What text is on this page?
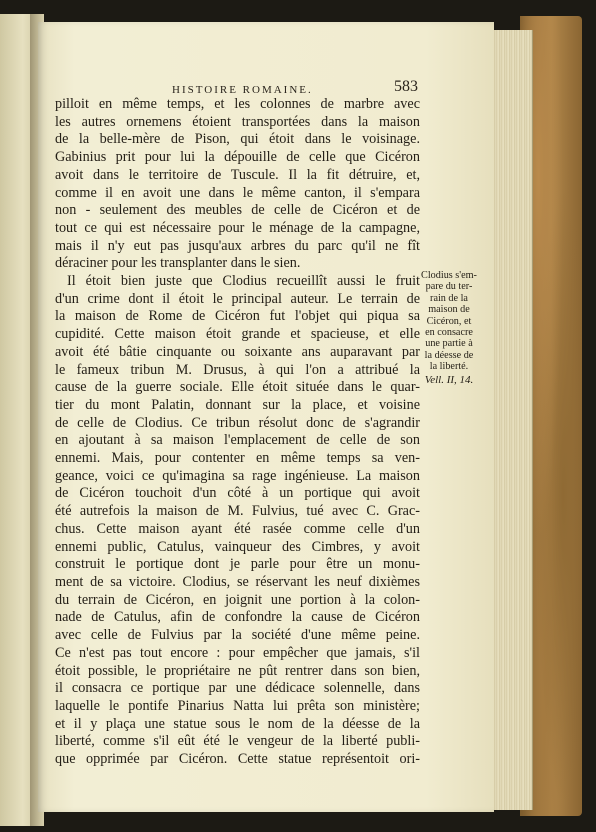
HISTOIRE ROMAINE.	583
pilloit en même temps, et les colonnes de marbre avec
les autres ornemens étoient transportées dans la maison
de la belle-mère de Pison, qui étoit dans le voisinage.
Gabinius prit pour lui la dépouille de celle que Cicéron
avoit dans le territoire de Tuscule. Il la fit détruire, et,
comme il en avoit une dans le même canton, il s'empara
non - seulement des meubles de celle de Cicéron et de
tout ce qui est nécessaire pour le ménage de la campagne,
mais il n'y eut pas jusqu'aux arbres du parc qu'il ne fît
déraciner pour les transplanter dans le sien.
Il étoit bien juste que Clodius recueillît aussi le fruit
d'un crime dont il étoit le principal auteur. Le terrain de
la maison de Rome de Cicéron fut l'objet qui piqua sa
cupidité. Cette maison étoit grande et spacieuse, et elle
avoit été bâtie cinquante ou soixante ans auparavant par
le fameux tribun M. Drusus, à qui l'on a attribué la
cause de la guerre sociale. Elle étoit située dans le quar-
tier du mont Palatin, donnant sur la place, et voisine
de celle de Clodius. Ce tribun résolut donc de s'agrandir
en ajoutant à sa maison l'emplacement de celle de son
ennemi. Mais, pour contenter en même temps sa ven-
geance, voici ce qu'imagina sa rage ingénieuse. La maison
de Cicéron touchoit d'un côté à un portique qui avoit
été autrefois la maison de M. Fulvius, tué avec C. Grac-
chus. Cette maison ayant été rasée comme celle d'un
ennemi public, Catulus, vainqueur des Cimbres, y avoit
construit le portique dont je parle pour être un monu-
ment de sa victoire. Clodius, se réservant les neuf dixièmes
du terrain de Cicéron, en joignit une portion à la colon-
nade de Catulus, afin de confondre la cause de Cicéron
avec celle de Fulvius par la société d'une même peine.
Ce n'est pas tout encore : pour empêcher que jamais, s'il
étoit possible, le propriétaire ne pût rentrer dans son bien,
il consacra ce portique par une dédicace solennelle, dans
laquelle le pontife Pinarius Natta lui prêta son ministère;
et il y plaça une statue sous le nom de la déesse de la
liberté, comme s'il eût été le vengeur de la liberté publi-
que opprimée par Cicéron. Cette statue représentoit ori-
Clodius s'em-
pare du ter-
rain de la
maison de
Cicéron, et
en consacre
une partie à
la déesse de
la liberté.
Vell. II, 14.
